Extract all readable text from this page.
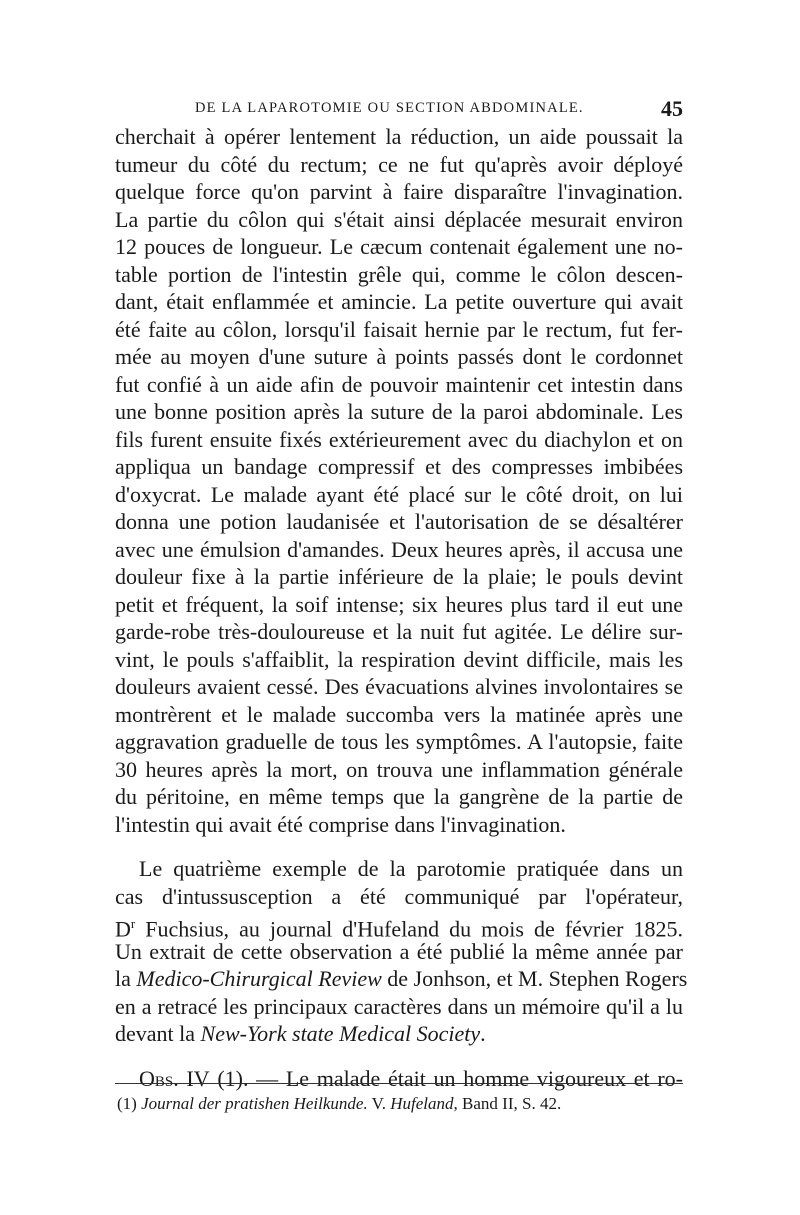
DE LA LAPAROTOMIE OU SECTION ABDOMINALE.	45
cherchait à opérer lentement la réduction, un aide poussait la
tumeur du côté du rectum; ce ne fut qu'après avoir déployé
quelque force qu'on parvint à faire disparaître l'invagination.
La partie du côlon qui s'était ainsi déplacée mesurait environ
12 pouces de longueur. Le cæcum contenait également une no-
table portion de l'intestin grêle qui, comme le côlon descen-
dant, était enflammée et amincie. La petite ouverture qui avait
été faite au côlon, lorsqu'il faisait hernie par le rectum, fut fer-
mée au moyen d'une suture à points passés dont le cordonnet
fut confié à un aide afin de pouvoir maintenir cet intestin dans
une bonne position après la suture de la paroi abdominale. Les
fils furent ensuite fixés extérieurement avec du diachylon et on
appliqua un bandage compressif et des compresses imbibées
d'oxycrat. Le malade ayant été placé sur le côté droit, on lui
donna une potion laudanisée et l'autorisation de se désaltérer
avec une émulsion d'amandes. Deux heures après, il accusa une
douleur fixe à la partie inférieure de la plaie; le pouls devint
petit et fréquent, la soif intense; six heures plus tard il eut une
garde-robe très-douloureuse et la nuit fut agitée. Le délire sur-
vint, le pouls s'affaiblit, la respiration devint difficile, mais les
douleurs avaient cessé. Des évacuations alvines involontaires se
montrèrent et le malade succomba vers la matinée après une
aggravation graduelle de tous les symptômes. A l'autopsie, faite
30 heures après la mort, on trouva une inflammation générale
du péritoine, en même temps que la gangrène de la partie de
l'intestin qui avait été comprise dans l'invagination.
Le quatrième exemple de la parotomie pratiquée dans un
cas d'intussusception a été communiqué par l'opérateur,
$D^r$ Fuchsius, au journal d'Hufeland du mois de février 1825.
Un extrait de cette observation a été publié la même année par
la Medico-Chirurgical Review de Jonhson, et M. Stephen Rogers
en a retracé les principaux caractères dans un mémoire qu'il a lu
devant la New-York state Medical Society.
Obs. IV (1). — Le malade était un homme vigoureux et ro-
(1) Journal der pratishen Heilkunde. V. Hufeland, Band II, S. 42.
